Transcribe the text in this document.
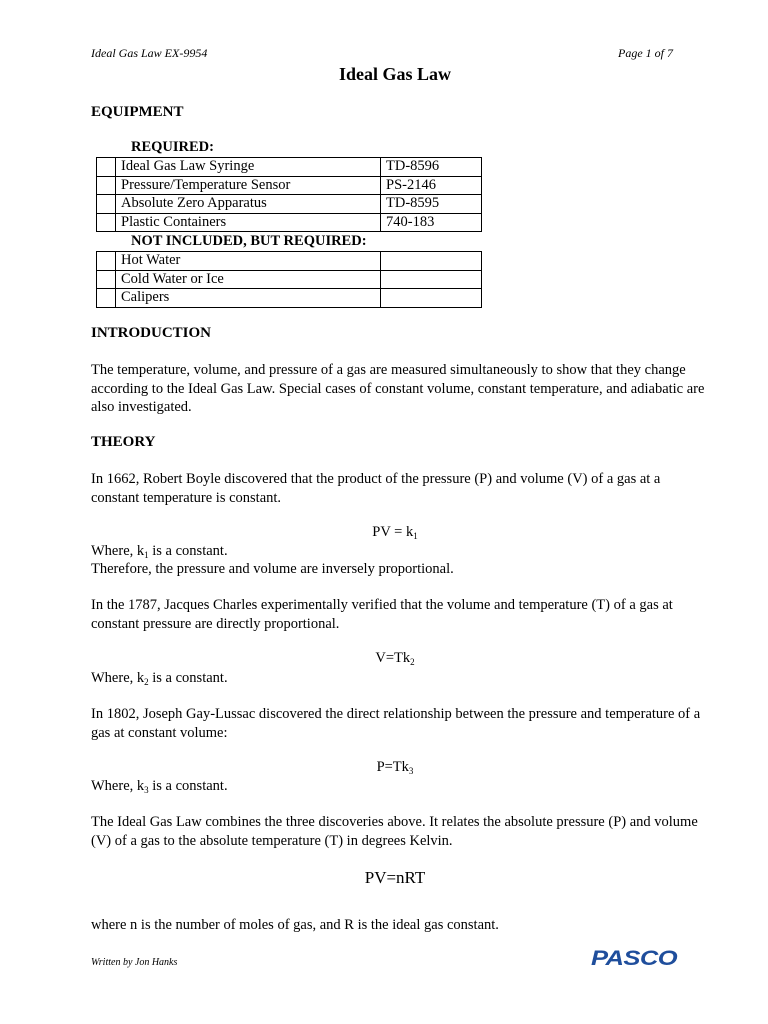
Ideal Gas Law EX-9954	Page 1 of 7
Ideal Gas Law
EQUIPMENT
REQUIRED:
	Ideal Gas Law Syringe	TD-8596
	Pressure/Temperature Sensor	PS-2146
	Absolute Zero Apparatus	TD-8595
	Plastic Containers	740-183
NOT INCLUDED, BUT REQUIRED:
	Hot Water	
	Cold Water or Ice	
	Calipers	
INTRODUCTION
The temperature, volume, and pressure of a gas are measured simultaneously to show that they change according to the Ideal Gas Law. Special cases of constant volume, constant temperature, and adiabatic are also investigated.
THEORY
In 1662, Robert Boyle discovered that the product of the pressure (P) and volume (V) of a gas at a constant temperature is constant.
PV = $k_1$
Where, $k_1$ is a constant.
Therefore, the pressure and volume are inversely proportional.
In the 1787, Jacques Charles experimentally verified that the volume and temperature (T) of a gas at constant pressure are directly proportional.
$V=Tk_2$
Where, $k_2$ is a constant.
In 1802, Joseph Gay-Lussac discovered the direct relationship between the pressure and temperature of a gas at constant volume:
$P=Tk_3$
Where, $k_3$ is a constant.
The Ideal Gas Law combines the three discoveries above. It relates the absolute pressure (P) and volume (V) of a gas to the absolute temperature (T) in degrees Kelvin.
PV=nRT
where n is the number of moles of gas, and R is the ideal gas constant.
Written by Jon Hanks	PASCO
